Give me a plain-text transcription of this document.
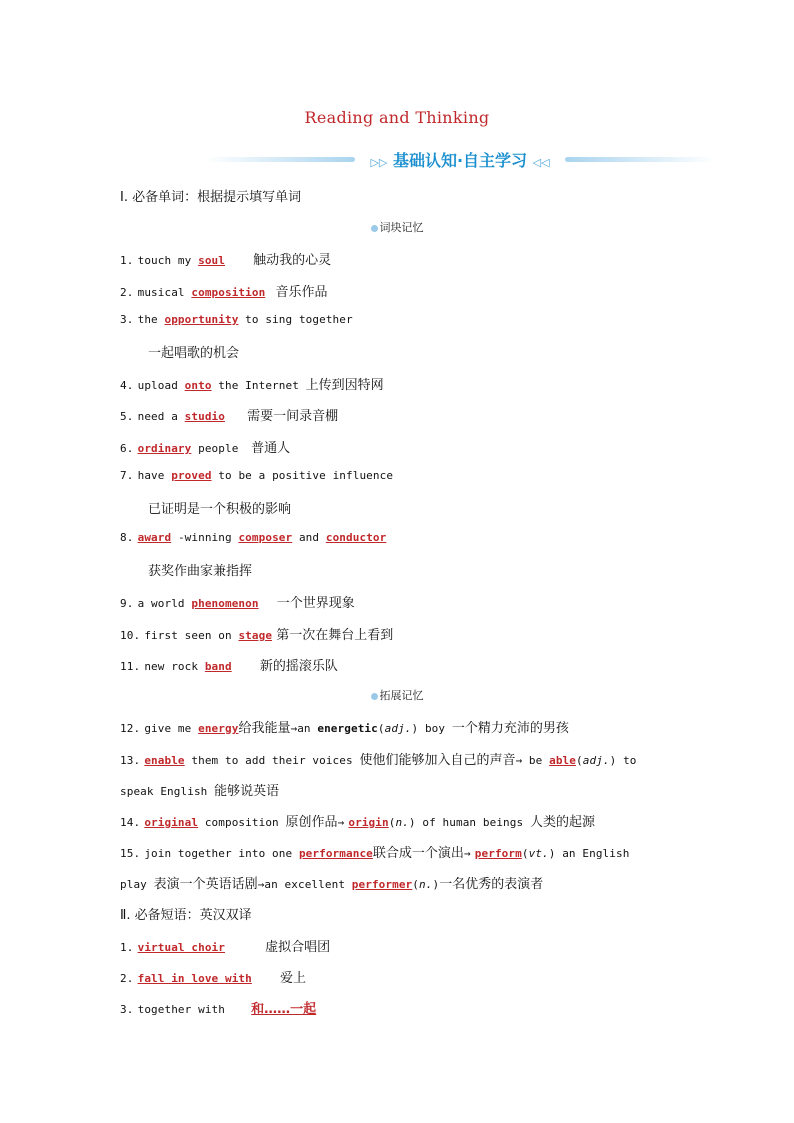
Reading and Thinking
▷▷ 基础认知·自主学习 ◁◁
Ⅰ. 必备单词：根据提示填写单词
词块记忆
1. touch my soul 触动我的心灵
2. musical composition 音乐作品
3. the opportunity to sing together
一起唱歌的机会
4. upload onto the Internet 上传到因特网
5. need a studio 需要一间录音棚
6. ordinary people 普通人
7. have proved to be a positive influence
已证明是一个积极的影响
8. award -winning composer and conductor
获奖作曲家兼指挥
9. a world phenomenon 一个世界现象
10. first seen on stage 第一次在舞台上看到
11. new rock band 新的摇滚乐队
拓展记忆
12. give me energy给我能量→an energetic(adj.) boy 一个精力充沛的男孩
13. enable them to add their voices 使他们能够加入自己的声音→ be able(adj.) to
speak English 能够说英语
14. original composition 原创作品→ origin(n.) of human beings 人类的起源
15. join together into one performance联合成一个演出→ perform(vt.) an English
play 表演一个英语话剧→an excellent performer(n.)一名优秀的表演者
Ⅱ. 必备短语：英汉双译
1. virtual choir	虚拟合唱团
2. fall in love with 爱上
3. together with 和……一起
